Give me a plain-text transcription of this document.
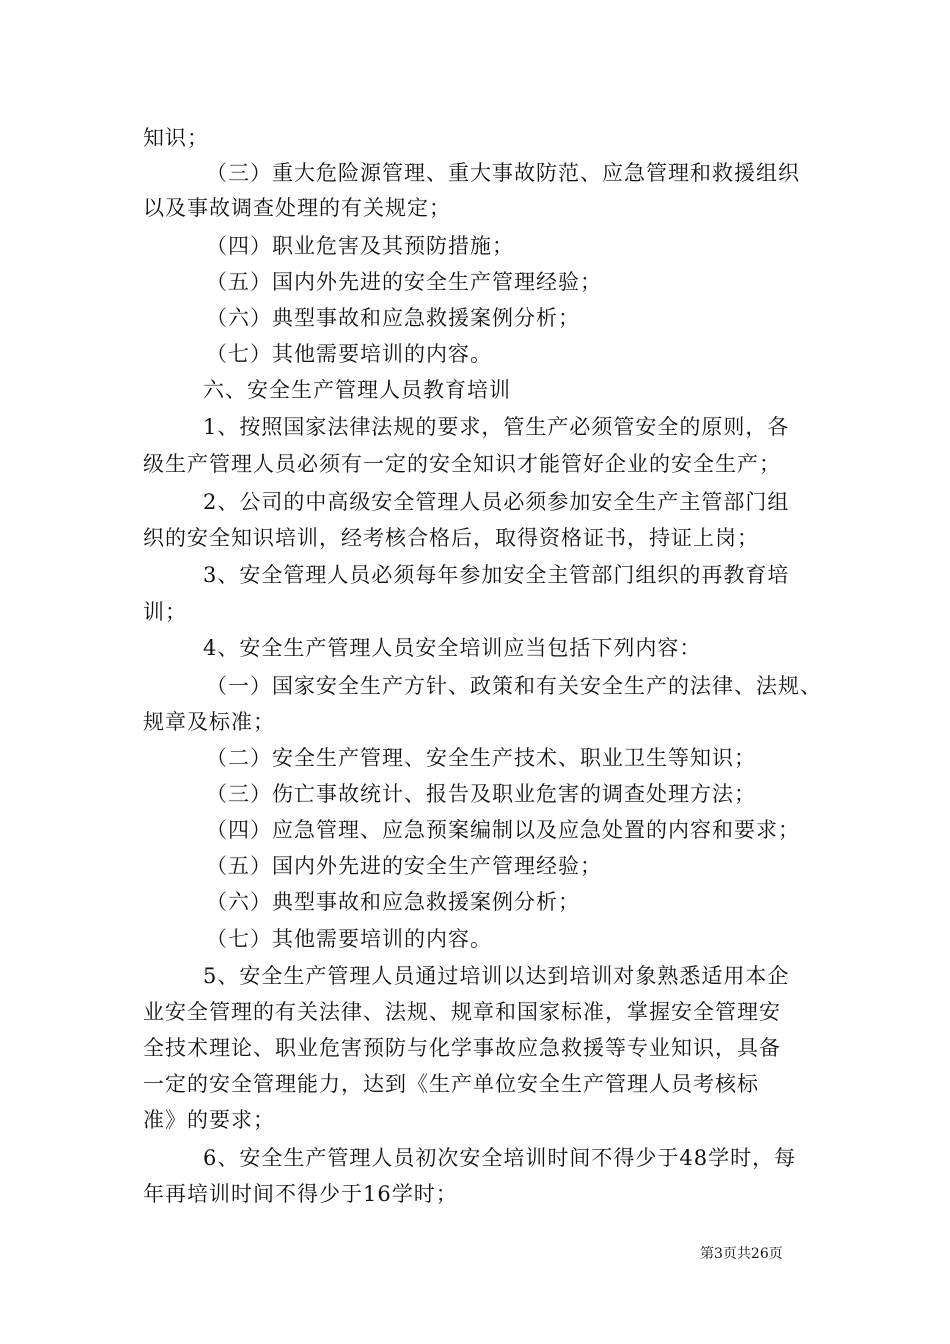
知识；
（三）重大危险源管理、重大事故防范、应急管理和救援组织
以及事故调查处理的有关规定；
（四）职业危害及其预防措施；
（五）国内外先进的安全生产管理经验；
（六）典型事故和应急救援案例分析；
（七）其他需要培训的内容。
六、安全生产管理人员教育培训
1、按照国家法律法规的要求，管生产必须管安全的原则，各
级生产管理人员必须有一定的安全知识才能管好企业的安全生产；
2、公司的中高级安全管理人员必须参加安全生产主管部门组
织的安全知识培训，经考核合格后，取得资格证书，持证上岗；
3、安全管理人员必须每年参加安全主管部门组织的再教育培
训；
4、安全生产管理人员安全培训应当包括下列内容：
（一）国家安全生产方针、政策和有关安全生产的法律、法规、
规章及标准；
（二）安全生产管理、安全生产技术、职业卫生等知识；
（三）伤亡事故统计、报告及职业危害的调查处理方法；
（四）应急管理、应急预案编制以及应急处置的内容和要求；
（五）国内外先进的安全生产管理经验；
（六）典型事故和应急救援案例分析；
（七）其他需要培训的内容。
5、安全生产管理人员通过培训以达到培训对象熟悉适用本企
业安全管理的有关法律、法规、规章和国家标准，掌握安全管理安
全技术理论、职业危害预防与化学事故应急救援等专业知识，具备
一定的安全管理能力，达到《生产单位安全生产管理人员考核标
准》的要求；
6、安全生产管理人员初次安全培训时间不得少于48学时，每
年再培训时间不得少于16学时；
第3页共26页
